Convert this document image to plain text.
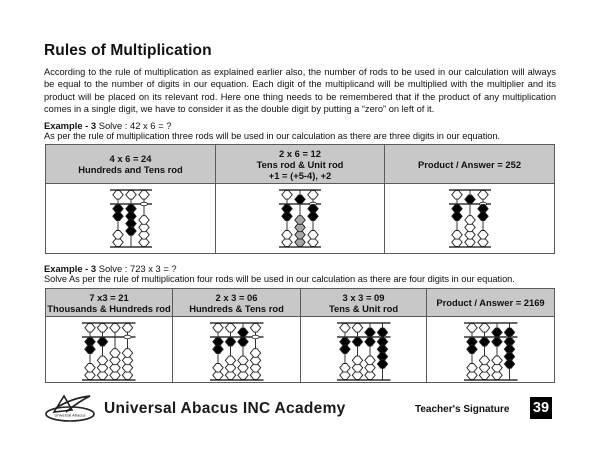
Rules of Multiplication
According to the rule of multiplication as explained earlier also, the number of rods to be used in our calculation will always be equal to the number of digits in our equation. Each digit of the multiplicand will be multiplied with the multiplier and its product will be placed on its relevant rod. Here one thing needs to be remembered that if the product of any multiplication comes in a single digit, we have to consider it as the double digit by putting a “zero” on left of it.
Example - 3 Solve : 42 x 6 = ?
As per the rule of multiplication three rods will be used in our calculation as there are three digits in our equation.
4 x 6 = 24
Hundreds and Tens rod
2 x 6 = 12
Tens rod & Unit rod
+1 = (+5-4), +2
Product / Answer = 252
Example - 3 Solve : 723 x 3 = ?
Solve As per the rule of multiplication four rods will be used in our calculation as there are four digits in our equation.
7 x3 = 21
Thousands & Hundreds rod
2 x 3 = 06
Hundreds & Tens rod
3 x 3 = 09
Tens & Unit rod	Product / Answer = 2169
Universal Abacus Universal Abacus INC Academy	Teacher's Signature 39
